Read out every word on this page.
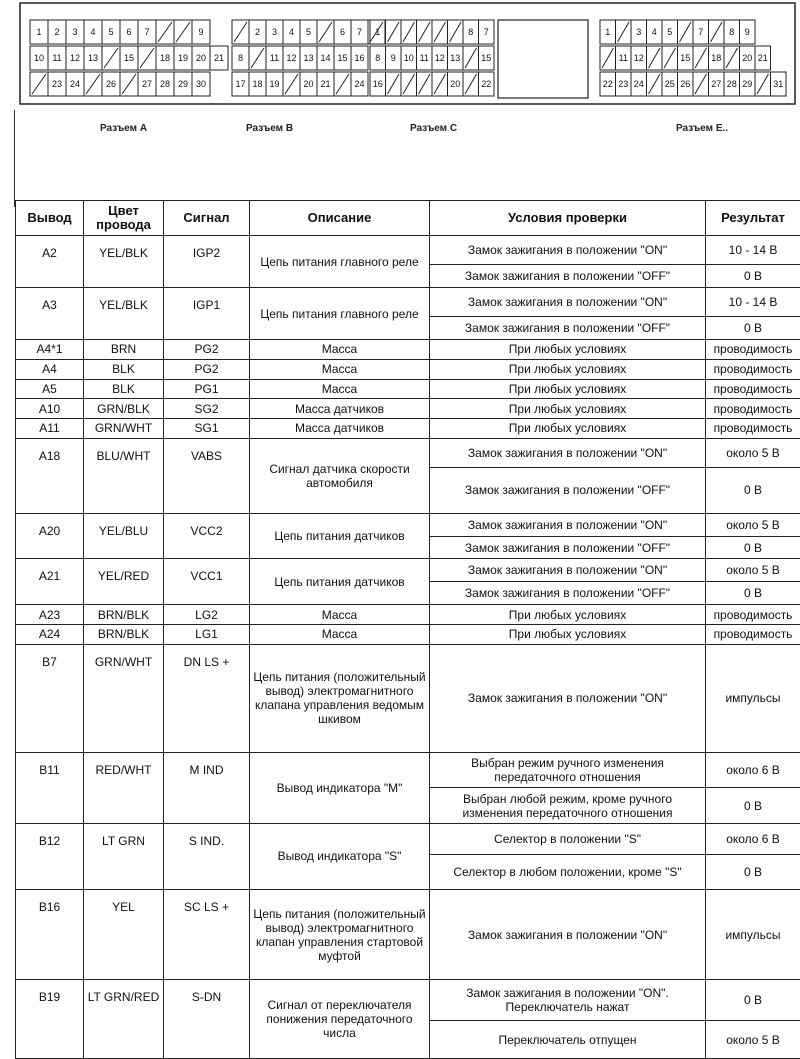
1 2 3 4 5 6 7	9
10 11 12 13	15	18 19 20 21
23 24	26	27 28 29 30
2 3 4 5	6 7
8	11 12 13 14 15 16
17 18 19	20 21	24
1	8 7
8 9 10 11 12 13 15
16	20 22
1	3 4 5	7	8 9
11 12	15 18 20 21
22 23 24 25 26 27 28 29 31
Разъем A	Разъем B	Разъем C	Разъем E..
Вывод	Цвет провода	Сигнал	Описание	Условия проверки	Результат
A2	YEL/BLK	IGP2	Цепь питания главного реле	Замок зажигания в положении "ON"	10 - 14 В
				Замок зажигания в положении "OFF"	0 В
A3	YEL/BLK	IGP1	Цепь питания главного реле	Замок зажигания в положении "ON"	10 - 14 В
				Замок зажигания в положении "OFF"	0 В
A4*1	BRN	PG2	Масса	При любых условиях	проводимость
A4	BLK	PG2	Масса	При любых условиях	проводимость
A5	BLK	PG1	Масса	При любых условиях	проводимость
A10	GRN/BLK	SG2	Масса датчиков	При любых условиях	проводимость
A11	GRN/WHT	SG1	Масса датчиков	При любых условиях	проводимость
A18	BLU/WHT	VABS	Сигнал датчика скорости автомобиля	Замок зажигания в положении "ON"	около 5 В
				Замок зажигания в положении "OFF"	0 В
A20	YEL/BLU	VCC2	Цепь питания датчиков	Замок зажигания в положении "ON"	около 5 В
				Замок зажигания в положении "OFF"	0 В
A21	YEL/RED	VCC1	Цепь питания датчиков	Замок зажигания в положении "ON"	около 5 В
				Замок зажигания в положении "OFF"	0 В
A23	BRN/BLK	LG2	Масса	При любых условиях	проводимость
A24	BRN/BLK	LG1	Масса	При любых условиях	проводимость
B7	GRN/WHT	DN LS +	Цепь питания (положительный вывод) электромагнитного клапана управления ведомым шкивом	Замок зажигания в положении "ON"	импульсы
B11	RED/WHT	M IND	Вывод индикатора "М"	Выбран режим ручного изменения передаточного отношения	около 6 В
				Выбран любой режим, кроме ручного изменения передаточного отношения	0 В
B12	LT GRN	S IND.	Вывод индикатора "S"	Селектор в положении "S"	около 6 В
				Селектор в любом положении, кроме "S"	0 В
B16	YEL	SC LS +	Цепь питания (положительный вывод) электромагнитного клапан управления стартовой муфтой	Замок зажигания в положении "ON"	импульсы
B19	LT GRN/RED	S-DN	Сигнал от переключателя понижения передаточного числа	Замок зажигания в положении "ON". Переключатель нажат	0 В
				Переключатель отпущен	около 5 В
